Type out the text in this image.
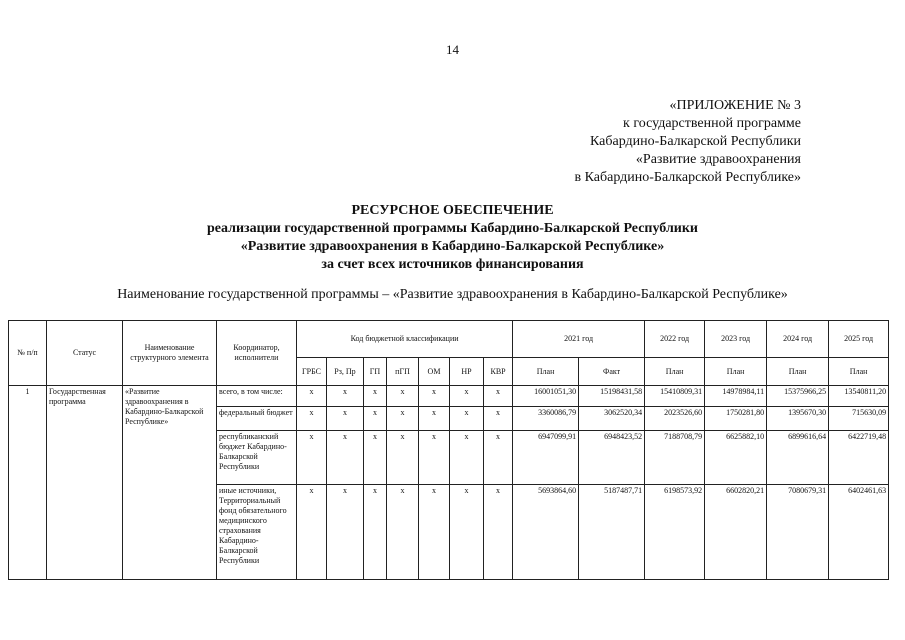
14
«ПРИЛОЖЕНИЕ № 3
к государственной программе
Кабардино-Балкарской Республики
«Развитие здравоохранения
в Кабардино-Балкарской Республике»
РЕСУРСНОЕ ОБЕСПЕЧЕНИЕ
реализации государственной программы Кабардино-Балкарской Республики
«Развитие здравоохранения в Кабардино-Балкарской Республике»
за счет всех источников финансирования
Наименование государственной программы – «Развитие здравоохранения в Кабардино-Балкарской Республике»
№ п/п	Статус	Наименование структурного элемента	Координатор, исполнители	Код бюджетной классификации							2021 год		2022 год	2023 год	2024 год	2025 год
				ГРБС	Рз, Пр	ГП	пГП	ОМ	НР	КВР	План	Факт	План	План	План	План
1	Государственная программа	«Развитие здравоохранения в Кабардино-Балкарской Республике»	всего, в том числе:	x	x	x	x	x	x	x	16001051,30	15198431,58	15410809,31	14978984,11	15375966,25	13540811,20
			федеральный бюджет	x	x	x	x	x	x	x	3360086,79	3062520,34	2023526,60	1750281,80	1395670,30	715630,09
			республиканский бюджет Кабардино-Балкарской Республики	x	x	x	x	x	x	x	6947099,91	6948423,52	7188708,79	6625882,10	6899616,64	6422719,48
			иные источники, Территориальный фонд обязательного медицинского страхования Кабардино-Балкарской Республики	x	x	x	x	x	x	x	5693864,60	5187487,71	6198573,92	6602820,21	7080679,31	6402461,63
